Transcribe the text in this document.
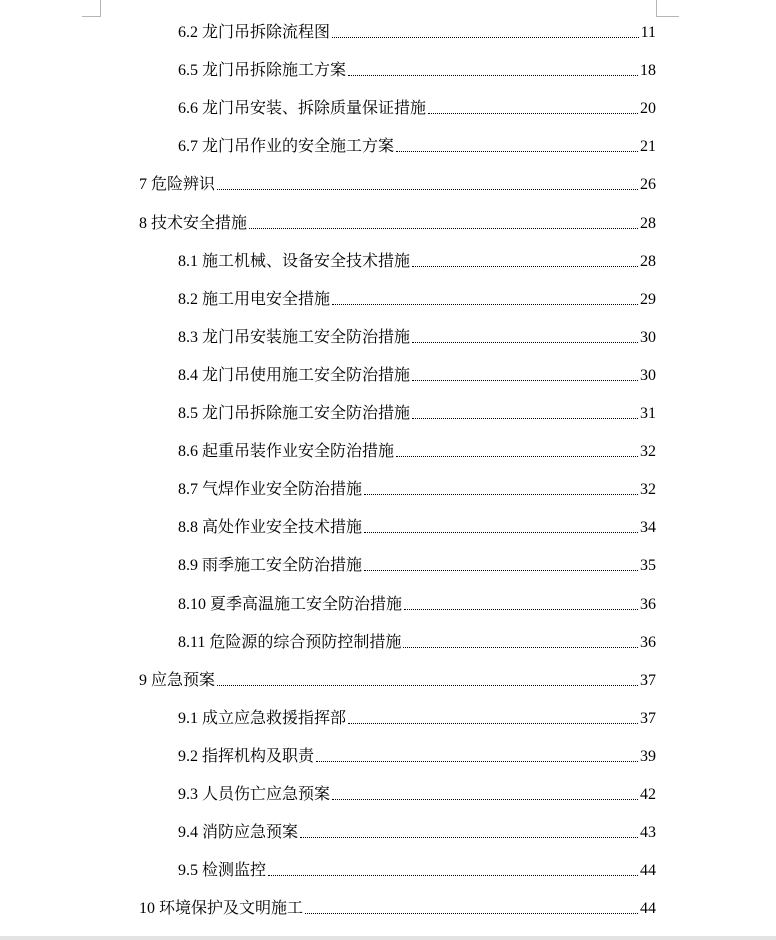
6.2 龙门吊拆除流程图	11
6.5 龙门吊拆除施工方案	18
6.6 龙门吊安装、拆除质量保证措施	20
6.7 龙门吊作业的安全施工方案	21
7 危险辨识	26
8 技术安全措施	28
8.1 施工机械、设备安全技术措施	28
8.2 施工用电安全措施	29
8.3 龙门吊安装施工安全防治措施	30
8.4 龙门吊使用施工安全防治措施	30
8.5 龙门吊拆除施工安全防治措施	31
8.6 起重吊装作业安全防治措施	32
8.7 气焊作业安全防治措施	32
8.8 高处作业安全技术措施	34
8.9 雨季施工安全防治措施	35
8.10 夏季高温施工安全防治措施	36
8.11 危险源的综合预防控制措施	36
9 应急预案	37
9.1 成立应急救援指挥部	37
9.2 指挥机构及职责	39
9.3 人员伤亡应急预案	42
9.4 消防应急预案	43
9.5 检测监控	44
10 环境保护及文明施工	44
